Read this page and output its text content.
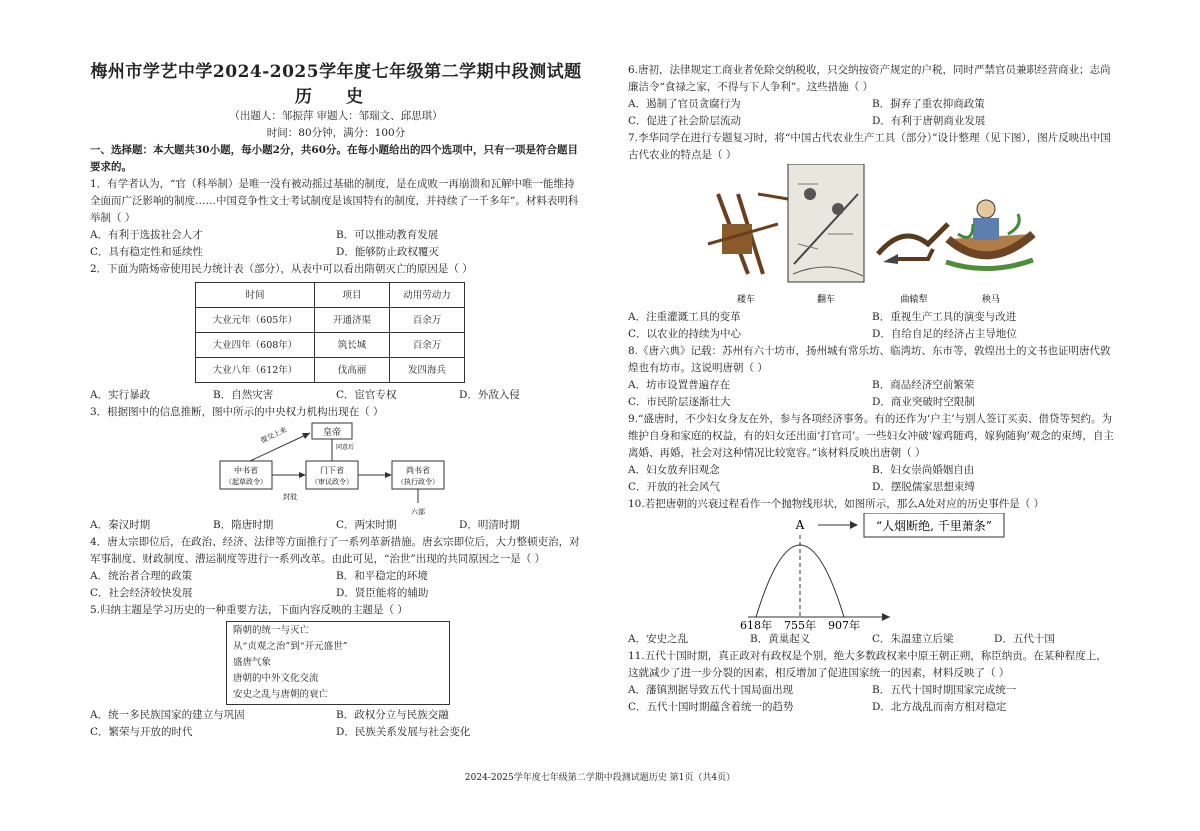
梅州市学艺中学2024-2025学年度七年级第二学期中段测试题
历 史

（出题人：邹振萍 审题人：邹瑞文、邱思琪）

时间：80分钟，满分：100分

一、选择题：本大题共30小题，每小题2分，共60分。在每小题给出的四个选项中，只有一项是符合题目要求的。

1．有学者认为，“官（科举制）是唯一没有被动摇过基础的制度，是在成败一再崩溃和瓦解中唯一能维持全面而广泛影响的制度……中国竞争性文士考试制度是该国特有的制度，并持续了一千多年”。材料表明科举制（ ）

A．有利于选拔社会人才	B．可以推动教育发展
C．具有稳定性和延续性	D．能够防止政权覆灭

2．下面为隋炀帝使用民力统计表（部分），从表中可以看出隋朝灭亡的原因是（ ）

时间	项目	动用劳动力
大业元年（605年）	开通济渠	百余万
大业四年（608年）	筑长城	百余万
大业八年（612年）	伐高丽	发四海兵
A．实行暴政	B．自然灾害	C．宦官专权	D．外敌入侵

3．根据图中的信息推断，图中所示的中央权力机构出现在（ ）

皇帝
中书省
（起草政令）
门下省
（审议政令）
尚书省
（执行政令）
提交上来
同意后
封驳
六部
A．秦汉时期	B．隋唐时期	C．两宋时期	D．明清时期

4．唐太宗即位后，在政治、经济、法律等方面推行了一系列革新措施。唐玄宗即位后，大力整顿吏治，对军事制度、财政制度、漕运制度等进行一系列改革。由此可见，“治世”出现的共同原因之一是（ ）

A．统治者合理的政策	B．和平稳定的环境
C．社会经济较快发展	D．贤臣能将的辅助

5.归纳主题是学习历史的一种重要方法，下面内容反映的主题是（ ）

隋朝的统一与灭亡
从“贞观之治”到“开元盛世”
盛唐气象
唐朝的中外文化交流
安史之乱与唐朝的衰亡
A．统一多民族国家的建立与巩固	B．政权分立与民族交融
C．繁荣与开放的时代	D．民族关系发展与社会变化

6.唐初，法律规定工商业者免除交纳税收，只交纳按资产规定的户税，同时严禁官员兼职经营商业；志尚廉洁令“食禄之家，不得与下人争利”。这些措施（ ）

A．遏制了官员贪腐行为	B．摒弃了重农抑商政策
C．促进了社会阶层流动	D．有利于唐朝商业发展

7.李华同学在进行专题复习时，将“中国古代农业生产工具（部分）”设计整理（见下图），图片反映出中国古代农业的特点是（ ）

耧车	翻车	曲辕犁	秧马
A．注重灌溉工具的变革	B．重视生产工具的演变与改进
C．以农业的持续为中心	D．自给自足的经济占主导地位

8.《唐六典》记载：苏州有六十坊市，扬州城有常乐坊、临湾坊、东市等，敦煌出土的文书也证明唐代敦煌也有坊市。这说明唐朝（ ）

A．坊市设置普遍存在	B．商品经济空前繁荣
C．市民阶层逐渐壮大	D．商业突破时空限制

9.“盛唐时，不少妇女身友在外，参与各项经济事务。有的还作为‘户主’与别人签订买卖、借贷等契约。为维护自身和家庭的权益，有的妇女还出面‘打官司’。一些妇女冲破‘嫁鸡随鸡，嫁狗随狗’观念的束缚，自主离婚、再婚，社会对这种情况比较宽容。”该材料反映出唐朝（ ）

A．妇女放弃旧观念	B．妇女崇尚婚姻自由
C．开放的社会风气	D．摆脱儒家思想束缚

10.若把唐朝的兴衰过程看作一个抛物线形状，如图所示，那么A处对应的历史事件是（ ）

A	“人烟断绝, 千里萧条”
618年 755年 907年
A．安史之乱	B．黄巢起义	C．朱温建立后梁	D．五代十国

11.五代十国时期，真正政对有政权是个别，绝大多数政权来中原王朝正朔，称臣纳贡。在某种程度上，这就减少了进一步分裂的因素，相反增加了促进国家统一的因素，材料反映了（ ）

A．藩镇割据导致五代十国局面出现	B．五代十国时期国家完成统一
C．五代十国时期蕴含着统一的趋势	D．北方战乱而南方相对稳定
2024-2025学年度七年级第二学期中段测试题历史 第1页（共4页）
